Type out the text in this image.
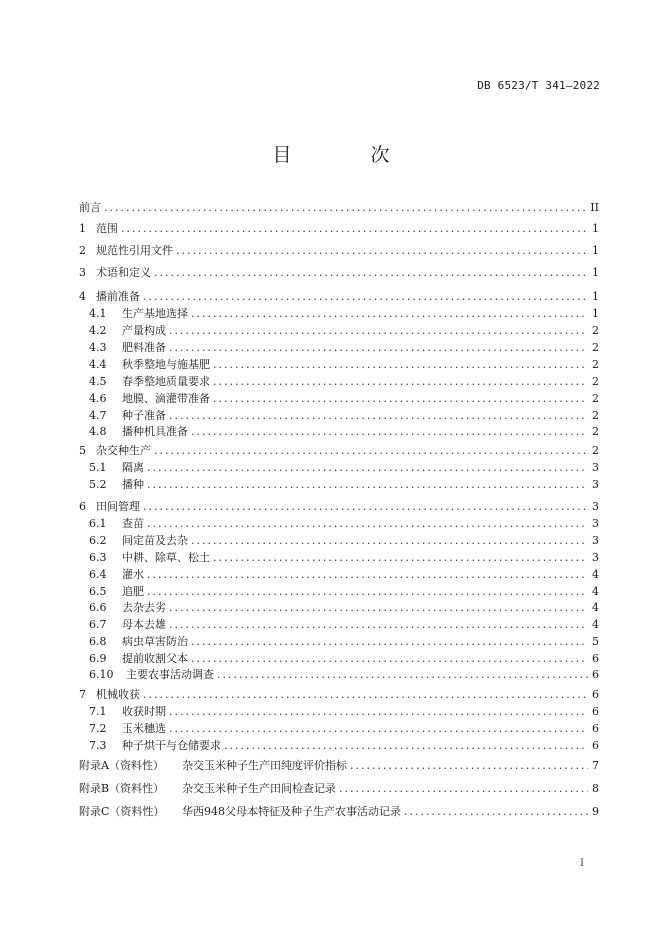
DB 6523/T 341—2022
目　次
前言 .....	II
1 范围 .....	1
2 规范性引用文件 .....	1
3 术语和定义 .....	1
4 播前准备 .....	1
4.1 生产基地选择 .....	1
4.2 产量构成 .....	2
4.3 肥料准备 .....	2
4.4 秋季整地与施基肥 .....	2
4.5 春季整地质量要求 .....	2
4.6 地膜、滴灌带准备 .....	2
4.7 种子准备 .....	2
4.8 播种机具准备 .....	2
5 杂交种生产 .....	2
5.1 隔离 .....	3
5.2 播种 .....	3
6 田间管理 .....	3
6.1 查苗 .....	3
6.2 间定苗及去杂 .....	3
6.3 中耕、除草、松土 .....	3
6.4 灌水 .....	4
6.5 追肥 .....	4
6.6 去杂去劣 .....	4
6.7 母本去雄 .....	4
6.8 病虫草害防治 .....	5
6.9 提前收割父本 .....	6
6.10 主要农事活动调查 .....	6
7 机械收获 .....	6
7.1 收获时期 .....	6
7.2 玉米穗选 .....	6
7.3 种子烘干与仓储要求 .....	6
附录A（资料性） 杂交玉米种子生产田纯度评价指标 .....	7
附录B（资料性） 杂交玉米种子生产田间检查记录 .....	8
附录C（资料性） 华西948父母本特征及种子生产农事活动记录 .....	9
I
